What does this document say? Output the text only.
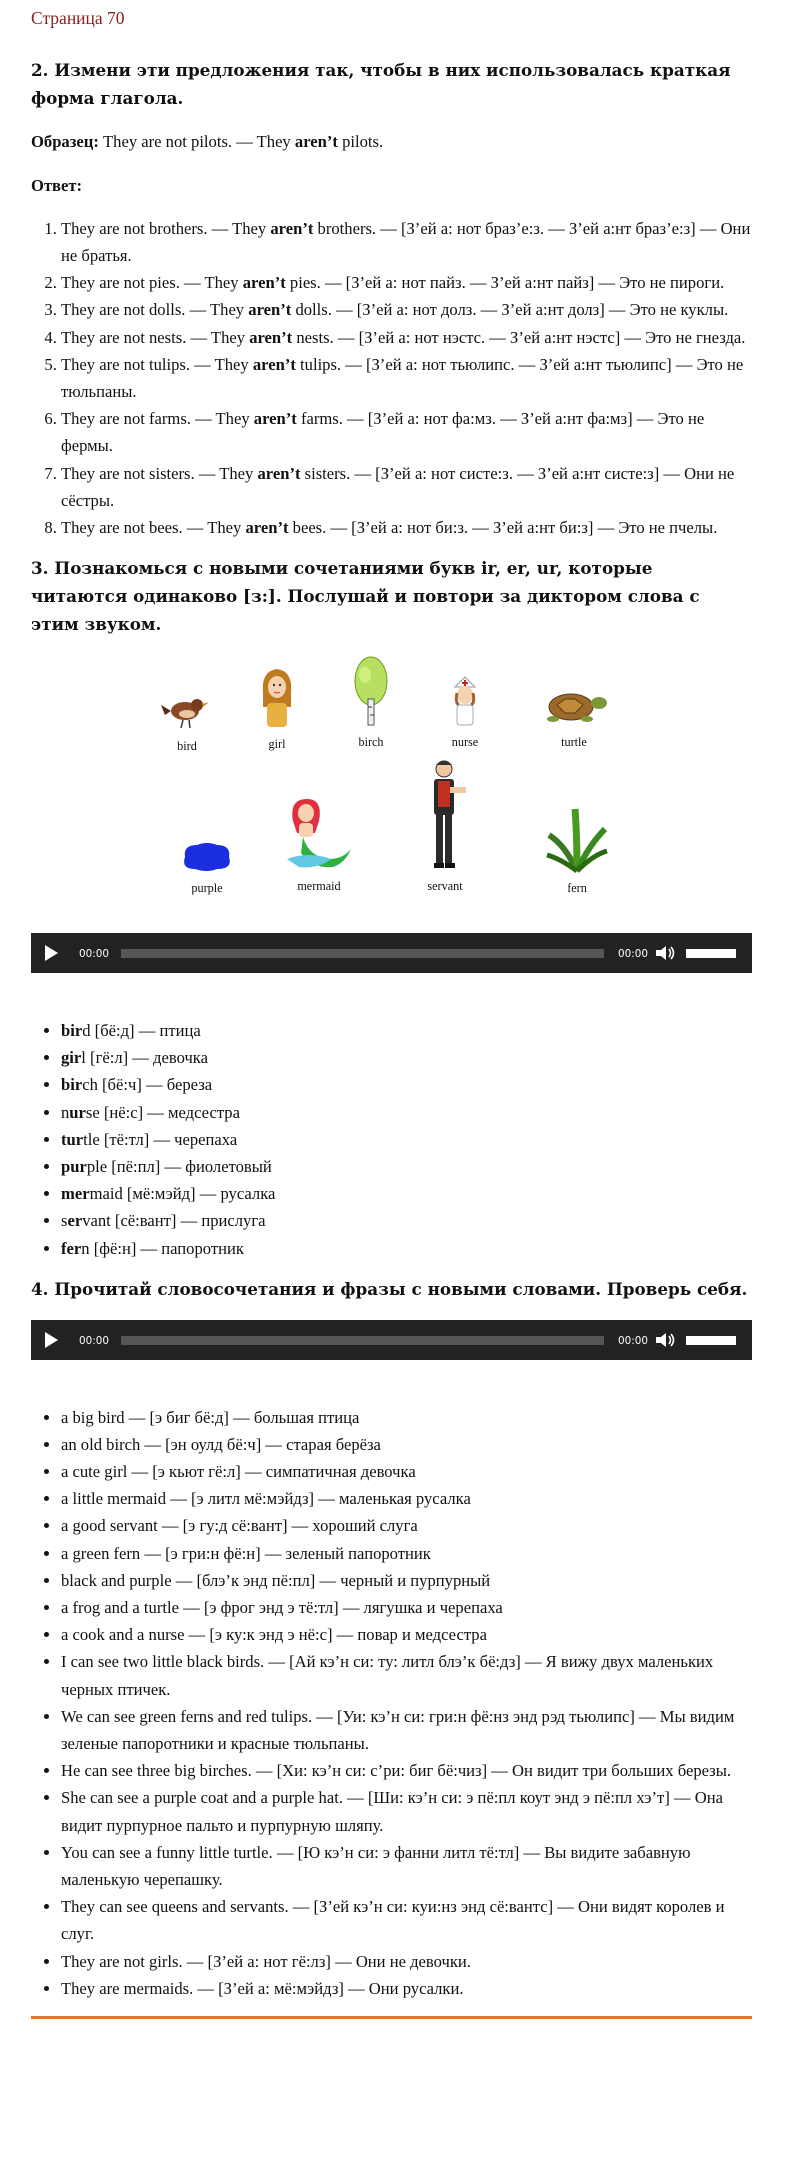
Страница 70
2. Измени эти предложения так, чтобы в них использовалась краткая форма глагола.

Образец: They are not pilots. — They aren’t pilots.

Ответ:

1. They are not brothers. — They aren’t brothers. — [З’ей а: нот браз’е:з. — З’ей а:нт браз’е:з] — Они не братья.
2. They are not pies. — They aren’t pies. — [З’ей а: нот пайз. — З’ей а:нт пайз] — Это не пироги.
3. They are not dolls. — They aren’t dolls. — [З’ей а: нот долз. — З’ей а:нт долз] — Это не куклы.
4. They are not nests. — They aren’t nests. — [З’ей а: нот нэстс. — З’ей а:нт нэстс] — Это не гнезда.
5. They are not tulips. — They aren’t tulips. — [З’ей а: нот тьюлипс. — З’ей а:нт тьюлипс] — Это не тюльпаны.
6. They are not farms. — They aren’t farms. — [З’ей а: нот фа:мз. — З’ей а:нт фа:мз] — Это не фермы.
7. They are not sisters. — They aren’t sisters. — [З’ей а: нот систе:з. — З’ей а:нт систе:з] — Они не сёстры.
8. They are not bees. — They aren’t bees. — [З’ей а: нот би:з. — З’ей а:нт би:з] — Это не пчелы.
3. Познакомься с новыми сочетаниями букв ir, er, ur, которые читаются одинаково [з:]. Послушай и повтори за диктором слова с этим звуком.
bird	girl	birch	nurse	turtle
purple	mermaid	servant	fern
00:00	00:00
• bird [бё:д] — птица
• girl [гё:л] — девочка
• birch [бё:ч] — береза
• nurse [нё:с] — медсестра
• turtle [тё:тл] — черепаха
• purple [пё:пл] — фиолетовый
• mermaid [мё:мэйд] — русалка
• servant [сё:вант] — прислуга
• fern [фё:н] — папоротник
4. Прочитай словосочетания и фразы с новыми словами. Проверь себя.
00:00	00:00
• a big bird — [э биг бё:д] — большая птица
• an old birch — [эн оулд бё:ч] — старая берёза
• a cute girl — [э кьют гё:л] — симпатичная девочка
• a little mermaid — [э литл мё:мэйдз] — маленькая русалка
• a good servant — [э гу:д сё:вант] — хороший слуга
• a green fern — [э гри:н фё:н] — зеленый папоротник
• black and purple — [блэ’к энд пё:пл] — черный и пурпурный
• a frog and a turtle — [э фрог энд э тё:тл] — лягушка и черепаха
• a cook and a nurse — [э ку:к энд э нё:с] — повар и медсестра
• I can see two little black birds. — [Ай кэ’н си: ту: литл блэ’к бё:дз] — Я вижу двух маленьких черных птичек.
• We can see green ferns and red tulips. — [Уи: кэ’н си: гри:н фё:нз энд рэд тьюлипс] — Мы видим зеленые папоротники и красные тюльпаны.
• He can see three big birches. — [Хи: кэ’н си: с’ри: биг бё:чиз] — Он видит три больших березы.
• She can see a purple coat and a purple hat. — [Ши: кэ’н си: э пё:пл коут энд э пё:пл хэ’т] — Она видит пурпурное пальто и пурпурную шляпу.
• You can see a funny little turtle. — [Ю кэ’н си: э фанни литл тё:тл] — Вы видите забавную маленькую черепашку.
• They can see queens and servants. — [З’ей кэ’н си: куи:нз энд сё:вантс] — Они видят королев и слуг.
• They are not girls. — [З’ей а: нот гё:лз] — Они не девочки.
• They are mermaids. — [З’ей а: мё:мэйдз] — Они русалки.
